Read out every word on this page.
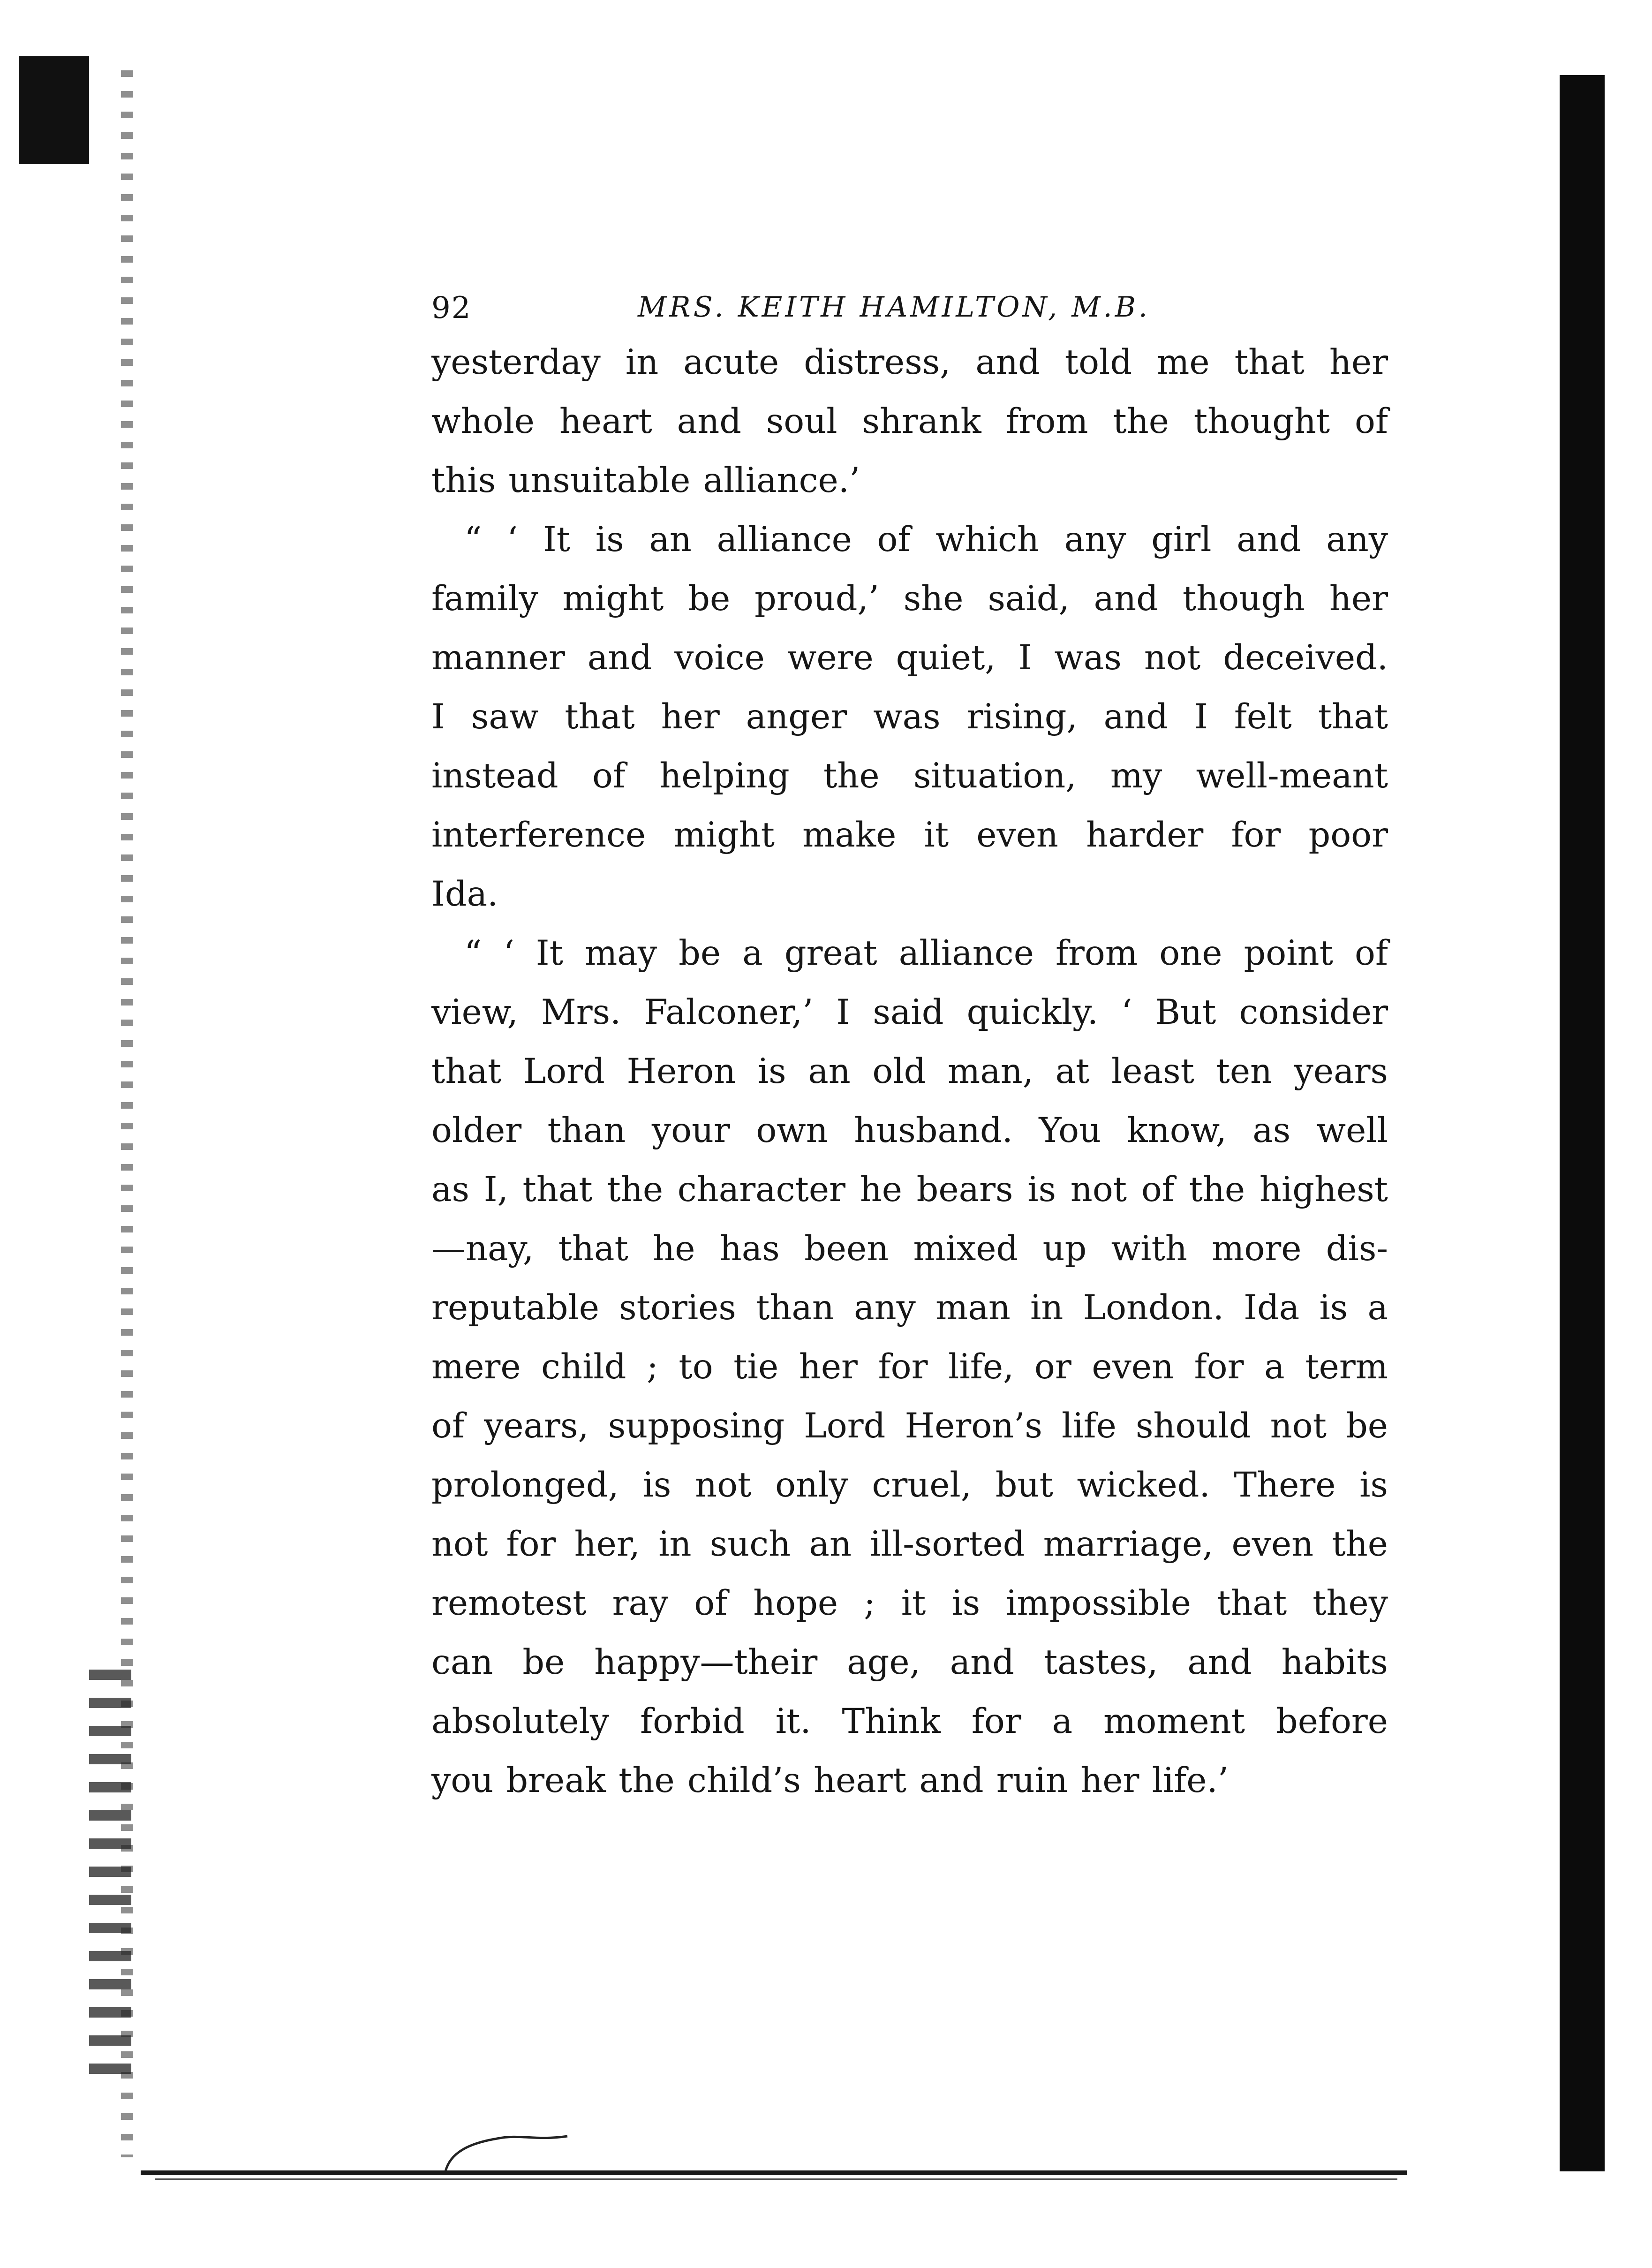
92	MRS. KEITH HAMILTON, M.B.

yesterday in acute distress, and told me that her
whole heart and soul shrank from the thought of
this unsuitable alliance.’

“ ‘ It is an alliance of which any girl and any
family might be proud,’ she said, and though her
manner and voice were quiet, I was not deceived.
I saw that her anger was rising, and I felt that
instead of helping the situation, my well-meant
interference might make it even harder for poor
Ida.

“ ‘ It may be a great alliance from one point of
view, Mrs. Falconer,’ I said quickly. ‘ But consider
that Lord Heron is an old man, at least ten years
older than your own husband. You know, as well
as I, that the character he bears is not of the highest
—nay, that he has been mixed up with more dis-
reputable stories than any man in London. Ida is a
mere child ; to tie her for life, or even for a term
of years, supposing Lord Heron’s life should not be
prolonged, is not only cruel, but wicked. There is
not for her, in such an ill-sorted marriage, even the
remotest ray of hope ; it is impossible that they
can be happy—their age, and tastes, and habits
absolutely forbid it. Think for a moment before
you break the child’s heart and ruin her life.’
